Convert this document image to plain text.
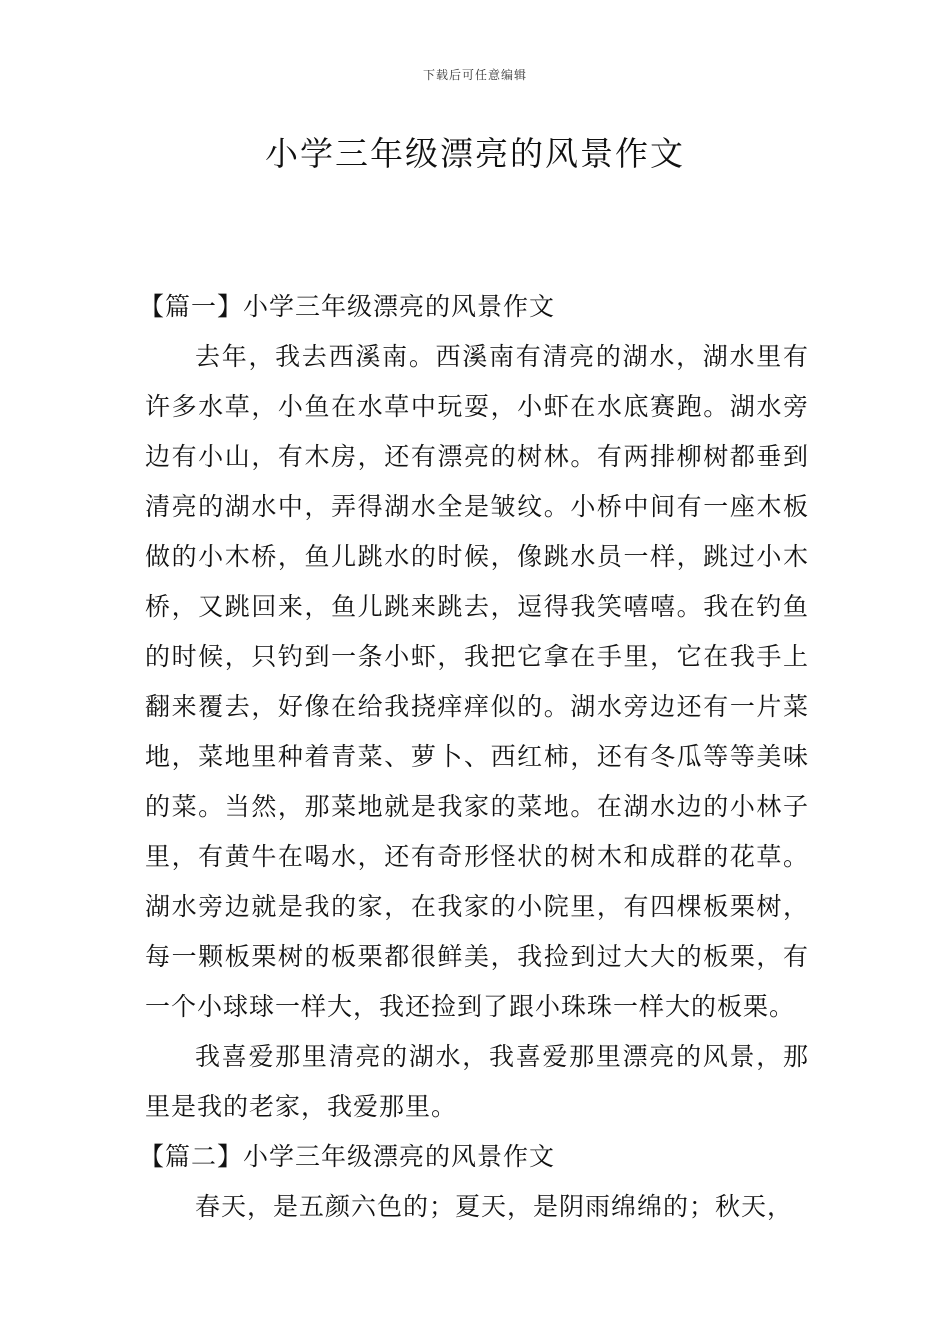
下载后可任意编辑
小学三年级漂亮的风景作文
【篇一】小学三年级漂亮的风景作文

去年，我去西溪南。西溪南有清亮的湖水，湖水里有许多水草，小鱼在水草中玩耍，小虾在水底赛跑。湖水旁边有小山，有木房，还有漂亮的树林。有两排柳树都垂到清亮的湖水中，弄得湖水全是皱纹。小桥中间有一座木板做的小木桥，鱼儿跳水的时候，像跳水员一样，跳过小木桥，又跳回来，鱼儿跳来跳去，逗得我笑嘻嘻。我在钓鱼的时候，只钓到一条小虾，我把它拿在手里，它在我手上翻来覆去，好像在给我挠痒痒似的。湖水旁边还有一片菜地，菜地里种着青菜、萝卜、西红柿，还有冬瓜等等美味的菜。当然，那菜地就是我家的菜地。在湖水边的小林子里，有黄牛在喝水，还有奇形怪状的树木和成群的花草。湖水旁边就是我的家，在我家的小院里，有四棵板栗树，每一颗板栗树的板栗都很鲜美，我捡到过大大的板栗，有一个小球球一样大，我还捡到了跟小珠珠一样大的板栗。

我喜爱那里清亮的湖水，我喜爱那里漂亮的风景，那里是我的老家，我爱那里。

【篇二】小学三年级漂亮的风景作文

春天，是五颜六色的；夏天，是阴雨绵绵的；秋天，
